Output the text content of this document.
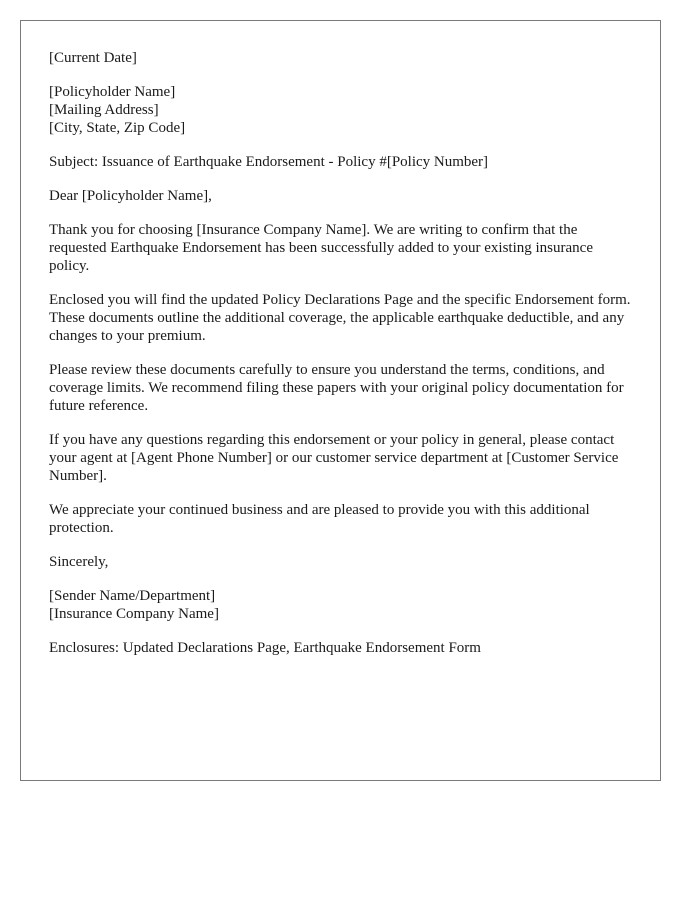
[Current Date]

[Policyholder Name]
[Mailing Address]
[City, State, Zip Code]

Subject: Issuance of Earthquake Endorsement - Policy #[Policy Number]

Dear [Policyholder Name],

Thank you for choosing [Insurance Company Name]. We are writing to confirm that the requested Earthquake Endorsement has been successfully added to your existing insurance policy.

Enclosed you will find the updated Policy Declarations Page and the specific Endorsement form. These documents outline the additional coverage, the applicable earthquake deductible, and any changes to your premium.

Please review these documents carefully to ensure you understand the terms, conditions, and coverage limits. We recommend filing these papers with your original policy documentation for future reference.

If you have any questions regarding this endorsement or your policy in general, please contact your agent at [Agent Phone Number] or our customer service department at [Customer Service Number].

We appreciate your continued business and are pleased to provide you with this additional protection.

Sincerely,

[Sender Name/Department]
[Insurance Company Name]

Enclosures: Updated Declarations Page, Earthquake Endorsement Form
